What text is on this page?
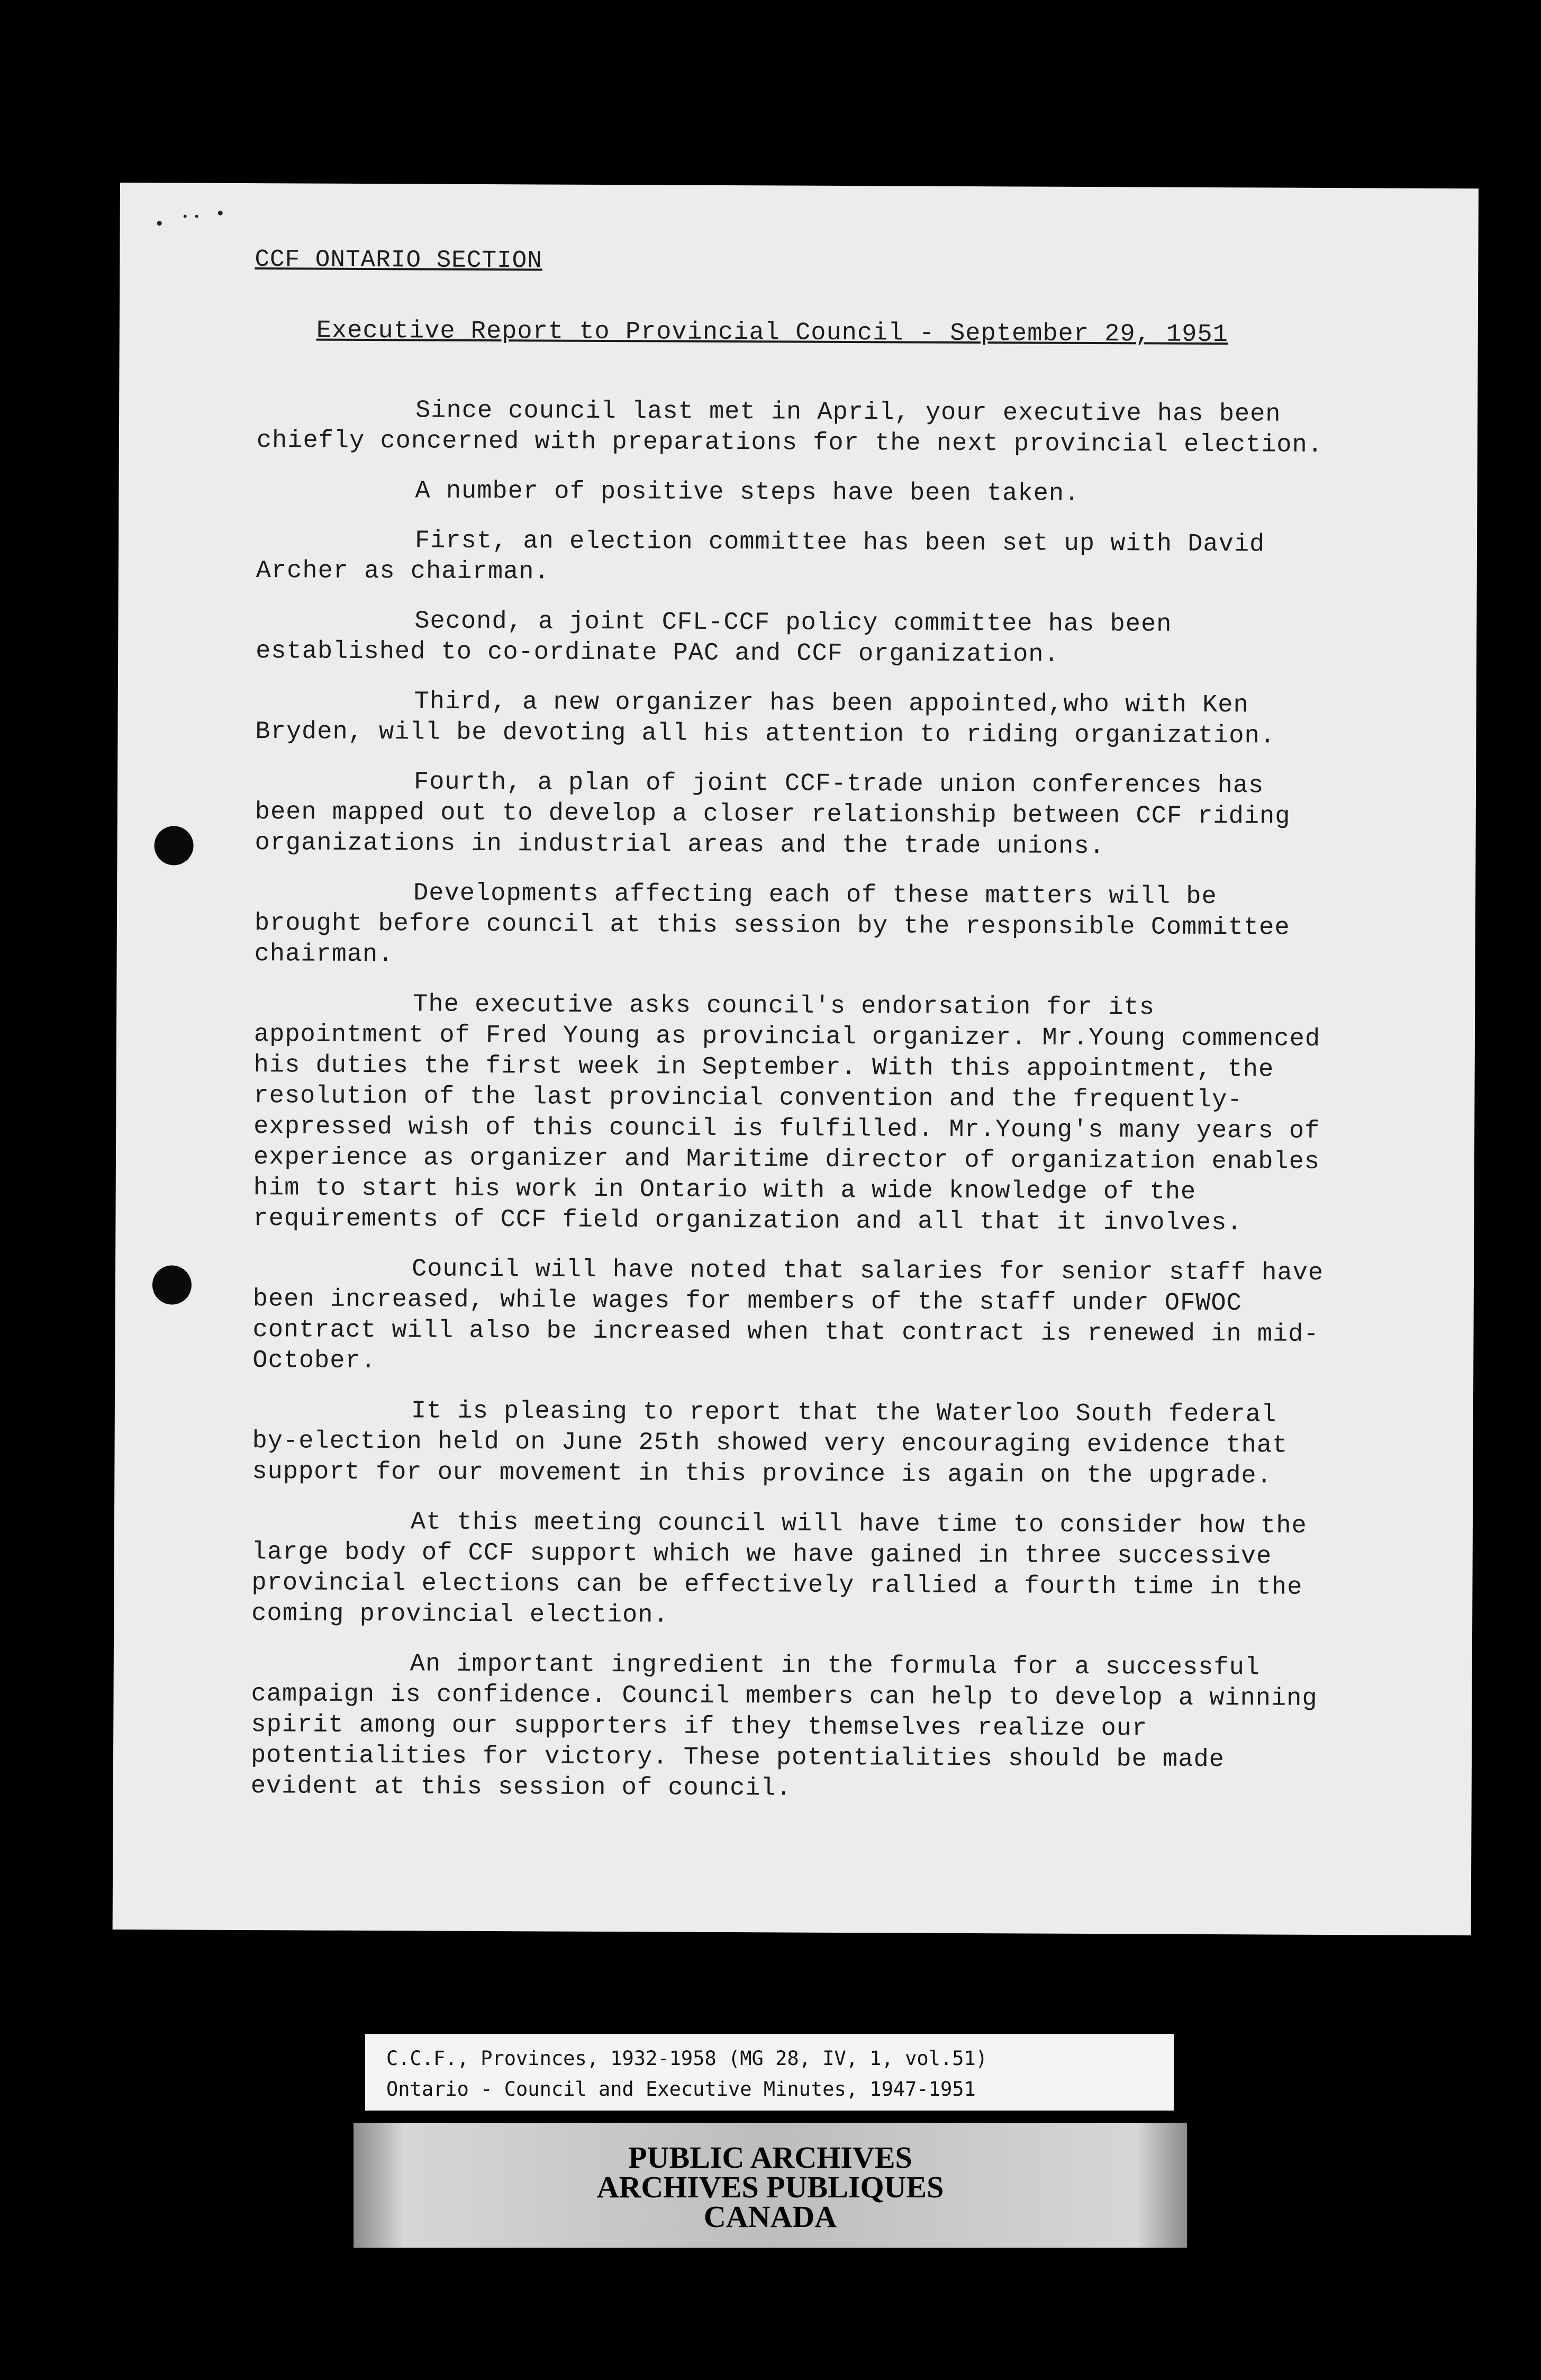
CCF ONTARIO SECTION
Executive Report to Provincial Council - September 29, 1951

Since council last met in April, your executive has been chiefly concerned with preparations for the next provincial election.

A number of positive steps have been taken.

First, an election committee has been set up with David Archer as chairman.

Second, a joint CFL-CCF policy committee has been established to co-ordinate PAC and CCF organization.

Third, a new organizer has been appointed,who with Ken Bryden, will be devoting all his attention to riding organization.

Fourth, a plan of joint CCF-trade union conferences has been mapped out to develop a closer relationship between CCF riding organizations in industrial areas and the trade unions.

Developments affecting each of these matters will be brought before council at this session by the responsible Committee chairman.

The executive asks council's endorsation for its appointment of Fred Young as provincial organizer. Mr.Young commenced his duties the first week in September. With this appointment, the resolution of the last provincial convention and the frequently-expressed wish of this council is fulfilled. Mr.Young's many years of experience as organizer and Maritime director of organization enables him to start his work in Ontario with a wide knowledge of the requirements of CCF field organization and all that it involves.

Council will have noted that salaries for senior staff have been increased, while wages for members of the staff under OFWOC contract will also be increased when that contract is renewed in mid-October.

It is pleasing to report that the Waterloo South federal by-election held on June 25th showed very encouraging evidence that support for our movement in this province is again on the upgrade.

At this meeting council will have time to consider how the large body of CCF support which we have gained in three successive provincial elections can be effectively rallied a fourth time in the coming provincial election.

An important ingredient in the formula for a successful campaign is confidence. Council members can help to develop a winning spirit among our supporters if they themselves realize our potentialities for victory. These potentialities should be made evident at this session of council.

C.C.F., Provinces, 1932-1958 (MG 28, IV, 1, vol.51)
Ontario - Council and Executive Minutes, 1947-1951
PUBLIC ARCHIVES
ARCHIVES PUBLIQUES
CANADA
